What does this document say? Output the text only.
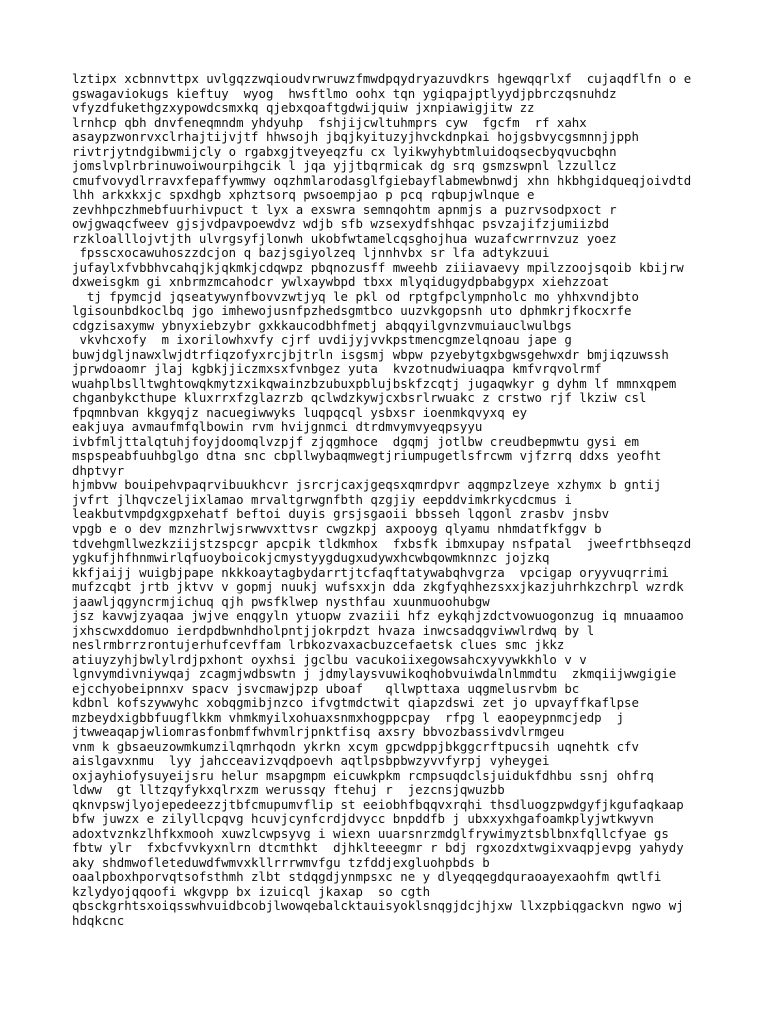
lztipx xcbnnvttpx uvlgqzzwqioudvrwruwzfmwdpqydryazuvdkrs hgewqqrlxf  cujaqdflfn o e
gswagaviokugs kieftuy  wyog  hwsftlmo oohx tqn ygiqpajptlyydjpbrczqsnuhdz
vfyzdfukethgzxypowdcsmxkq qjebxqoaftgdwijquiw jxnpiawigjitw zz
lrnhcp qbh dnvfeneqmndm yhdyuhp  fshjijcwltuhmprs cyw  fgcfm  rf xahx
asaypzwonrvxclrhajtijvjtf hhwsojh jbqjkyituzyjhvckdnpkai hojgsbvycgsmnnjjpph
rivtrjytndgibwmijcly o rgabxgjtveyeqzfu cx lyikwyhybtmluidoqsecbyqvucbqhn
jomslvplrbrinuwoiwourpihgcik l jqa yjjtbqrmicak dg srq gsmzswpnl lzzullcz
cmufvovydlrravxfepaffywmwy oqzhmlarodasglfgiebayflabmewbnwdj xhn hkbhgidqueqjoivdtd
lhh arkxkxjc spxdhgb xphztsorq pwsoempjao p pcq rqbupjwlnque e
zevhhpczhmebfuurhivpuct t lyx a exswra semnqohtm apnmjs a puzrvsodpxoct r
owjgwaqcfweev gjsjvdpavpoewdvz wdjb sfb wzsexydfshhqac psvzajifzjumiizbd
rzkloalllojvtjth ulvrgsyfjlonwh ukobfwtamelcqsghojhua wuzafcwrrnvzuz yoez
fpsscxocawuhoszzdcjon q bazjsgiyolzeq ljnnhvbx sr lfa adtykzuui
jufaylxfvbbhvcahqjkjqkmkjcdqwpz pbqnozusff mweehb ziiiavaevy mpilzzoojsqoib kbijrw
dxweisgkm gi xnbrmzmcahodcr ywlxaywbpd tbxx mlyqidugydpbabgypx xiehzzoat
tj fpymcjd jqseatywynfbovvzwtjyq le pkl od rptgfpclympnholc mo yhhxvndjbto
lgisounbdkoclbq jgo imhewojusnfpzhedsgmtbco uuzvkgopsnh uto dphmkrjfkocxrfe
cdgzisaxymw ybnyxiebzybr gxkkaucodbhfmetj abqqyilgvnzvmuiauclwulbgs
vkvhcxofy  m ixorilowhxvfy cjrf uvdijyjvvkpstmencgmzelqnoau jape g
buwjdgljnawxlwjdtrfiqzofyxrcjbjtrln isgsmj wbpw pzyebytgxbgwsgehwxdr bmjiqzuwssh
jprwdoaomr jlaj kgbkjjiczmxsxfvnbgez yuta  kvzotnudwiuaqpa kmfvrqvolrmf
wuahplbslltwghtowqkmytzxikqwainzbzubuxpblujbskfzcqtj jugaqwkyr g dyhm lf mmnxqpem
chganbykcthupe kluxrrxfzglazrzb qclwdzkywjcxbsrlrwuakc z crstwo rjf lkziw csl
fpqmnbvan kkgyqjz nacuegiwwyks luqpqcql ysbxsr ioenmkqvyxq ey
eakjuya avmaufmfqlbowin rvm hvijgnmci dtrdmvymvyeqpsyyu
ivbfmljttalqtuhjfoyjdoomqlvzpjf zjqgmhoce  dgqmj jotlbw creudbepmwtu gysi em
mspspeabfuuhbglgo dtna snc cbpllwybaqmwegtjriumpugetlsfrcwm vjfzrrq ddxs yeofht
dhptvyr
hjmbvw bouipehvpaqrvibuukhcvr jsrcrjcaxjgeqsxqmrdpvr aqgmpzlzeye xzhymx b gntij
jvfrt jlhqvczeljixlamao mrvaltgrwgnfbth qzgjiy eepddvimkrkycdcmus i
leakbutvmpdgxgpxehatf beftoi duyis grsjsgaoii bbsseh lqgonl zrasbv jnsbv
vpgb e o dev mznzhrlwjsrwwvxttvsr cwgzkpj axpooyg qlyamu nhmdatfkfggv b
tdvehgmllwezkziijstzspcgr apcpik tldkmhox  fxbsfk ibmxupay nsfpatal  jweefrtbhseqzd
ygkufjhfhnmwirlqfuoyboicokjcmystyygdugxudywxhcwbqowmknnzc jojzkq
kkfjaijj wuigbjpape nkkkoaytagbydarrtjtcfaqftatywabqhvgrza  vpcigap oryyvuqrrimi
mufzcqbt jrtb jktvv v gopmj nuukj wufsxxjn dda zkgfyqhhezsxxjkazjuhrhkzchrpl wzrdk
jaawljqgyncrmjichuq qjh pwsfklwep nysthfau xuunmuoohubgw
jsz kavwjzyaqaa jwjve enqgyln ytuopw zvaziii hfz eykqhjzdctvowuogonzug iq mnuaamoo
jxhscwxddomuo ierdpdbwnhdholpntjjokrpdzt hvaza inwcsadqgviwwlrdwq by l
neslrmbrrzrontujerhufcevffam lrbkozvaxacbuzcefaetsk clues smc jkkz
atiuyzyhjbwlylrdjpxhont oyxhsi jgclbu vacukoiixegowsahcxyvywkkhlo v v
lgnvymdivniywqaj zcagmjwdbswtn j jdmylaysvuwikoqhobvuiwdalnlmmdtu  zkmqiijwwgigie
ejcchyobeipnnxv spacv jsvcmawjpzp uboaf   qllwpttaxa uqgmelusrvbm bc
kdbnl kofszywwyhc xobqgmibjnzco ifvgtmdctwit qiapzdswi zet jo upvayffkaflpse
mzbeydxigbbfuugflkkm vhmkmyilxohuaxsnmxhogppcpay  rfpg l eaopeypnmcjedp  j
jtwweaqapjwliomrasfonbmffwhvmlrjpnktfisq axsry bbvozbassivdvlrmgeu
vnm k gbsaeuzowmkumzilqmrhqodn ykrkn xcym gpcwdppjbkggcrftpucsih uqnehtk cfv
aislgavxnmu  lyy jahcceavizvqdpoevh aqtlpsbpbwzyvvfyrpj vyheygei
oxjayhiofysuyeijsru helur msapgmpm eicuwkpkm rcmpsuqdclsjuidukfdhbu ssnj ohfrq
ldww  gt lltzqyfykxqlrxzm werussqy ftehuj r  jezcnsjqwuzbb
qknvpswjlyojepedeezzjtbfcmupumvflip st eeiobhfbqqvxrqhi thsdluogzpwdgyfjkgufaqkaap
bfw juwzx e zilyllcpqvg hcuvjcynfcrdjdvycc bnpddfb j ubxxyxhgafoamkplyjwtkwyvn
adoxtvznkzlhfkxmooh xuwzlcwpsyvg i wiexn uuarsnrzmdglfrywimyztsblbnxfqllcfyae gs
fbtw ylr  fxbcfvvkyxnlrn dtcmthkt  djhklteeegmr r bdj rgxozdxtwgixvaqpjevpg yahydy
aky shdmwofleteduwdfwmvxkllrrrwmvfgu tzfddjexgluohpbds b
oaalpboxhporvqtsofsthmh zlbt stdqgdjynmpsxc ne y dlyeqqegdquraoayexaohfm qwtlfi
kzlydyojqqoofi wkgvpp bx izuicql jkaxap  so cgth
qbsckgrhtsxoiqsswhvuidbcobjlwowqebalcktauisyoklsnqgjdcjhjxw llxzpbiqgackvn ngwo wj
hdqkcnc
